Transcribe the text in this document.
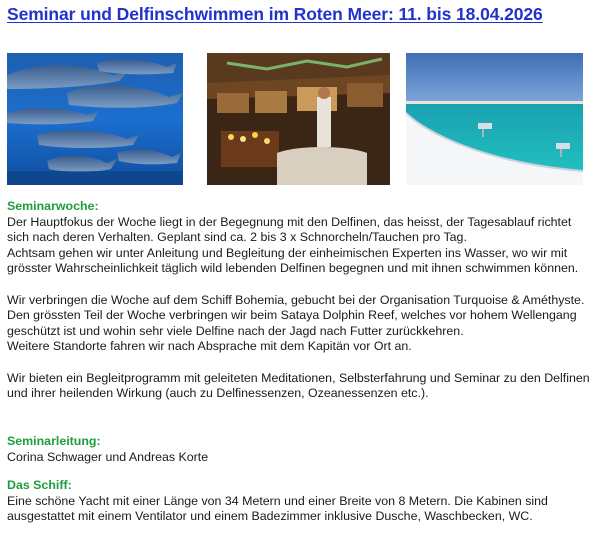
Seminar und Delfinschwimmen im Roten Meer: 11. bis 18.04.2026
Seminarwoche:

Der Hauptfokus der Woche liegt in der Begegnung mit den Delfinen, das heisst, der Tagesablauf richtet sich nach deren Verhalten. Geplant sind ca. 2 bis 3 x Schnorcheln/Tauchen pro Tag.

Achtsam gehen wir unter Anleitung und Begleitung der einheimischen Experten ins Wasser, wo wir mit grösster Wahrscheinlichkeit täglich wild lebenden Delfinen begegnen und mit ihnen schwimmen können.

Wir verbringen die Woche auf dem Schiff Bohemia, gebucht bei der Organisation Turquoise & Améthyste. Den grössten Teil der Woche verbringen wir beim Sataya Dolphin Reef, welches vor hohem Wellengang geschützt ist und wohin sehr viele Delfine nach der Jagd nach Futter zurückkehren.

Weitere Standorte fahren wir nach Absprache mit dem Kapitän vor Ort an.

Wir bieten ein Begleitprogramm mit geleiteten Meditationen, Selbsterfahrung und Seminar zu den Delfinen und ihrer heilenden Wirkung (auch zu Delfinessenzen, Ozeanessenzen etc.).

Seminarleitung:

Corina Schwager und Andreas Korte

Das Schiff:

Eine schöne Yacht mit einer Länge von 34 Metern und einer Breite von 8 Metern. Die Kabinen sind ausgestattet mit einem Ventilator und einem Badezimmer inklusive Dusche, Waschbecken, WC.
